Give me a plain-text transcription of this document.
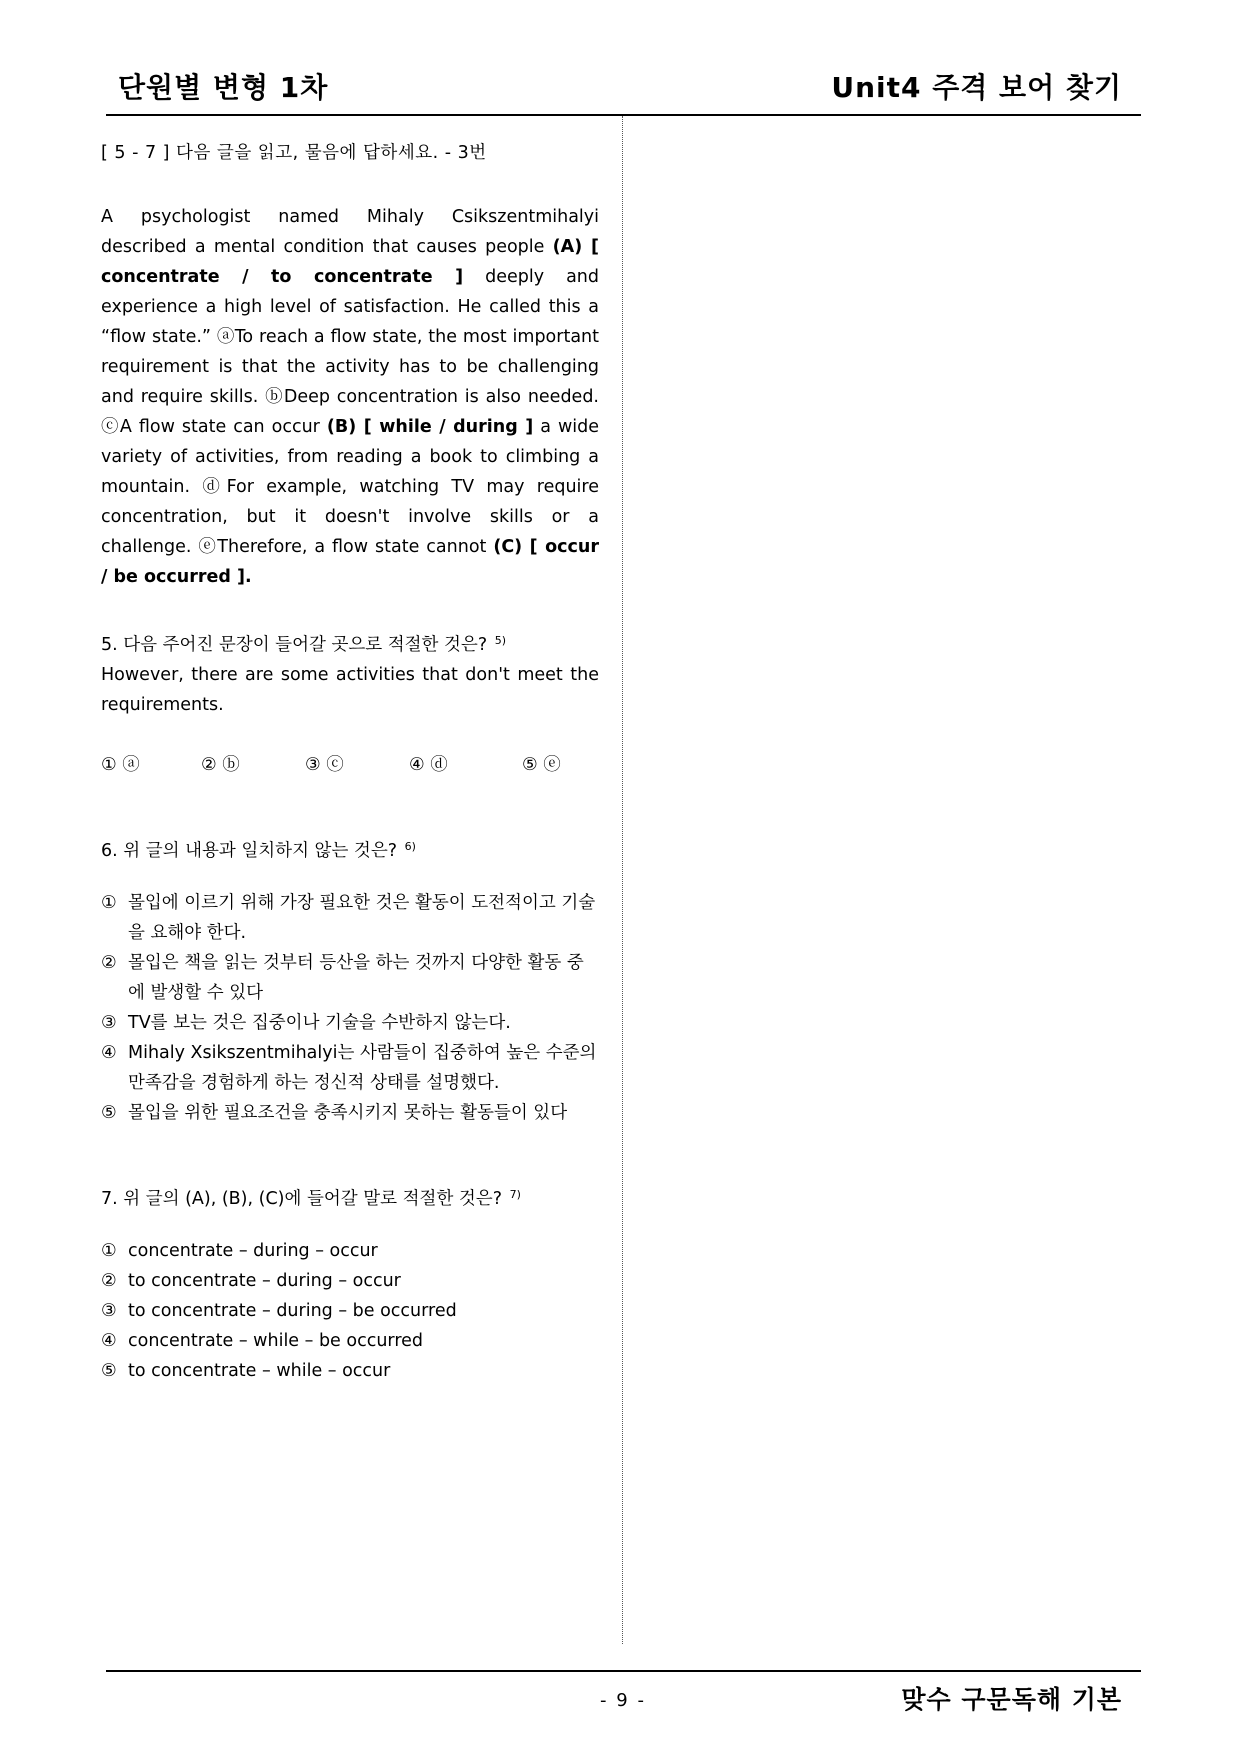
단원별 변형 1차	Unit4 주격 보어 찾기

[ 5 - 7 ] 다음 글을 읽고, 물음에 답하세요. - 3번

A psychologist named Mihaly Csikszentmihalyi described a mental condition that causes people (A) [ concentrate / to concentrate ] deeply and experience a high level of satisfaction. He called this a “flow state.” ⓐTo reach a flow state, the most important requirement is that the activity has to be challenging and require skills. ⓑDeep concentration is also needed. ⓒA flow state can occur (B) [ while / during ] a wide variety of activities, from reading a book to climbing a mountain. ⓓFor example, watching TV may require concentration, but it doesn't involve skills or a challenge. ⓔTherefore, a flow state cannot (C) [ occur / be occurred ].

5. 다음 주어진 문장이 들어갈 곳으로 적절한 것은? $^{5)}$

However, there are some activities that don't meet the requirements.

① ⓐ	② ⓑ	③ ⓒ	④ ⓓ	⑤ ⓔ
6. 위 글의 내용과 일치하지 않는 것은? $^{6)}$
① 몰입에 이르기 위해 가장 필요한 것은 활동이 도전적이고 기술을 요해야 한다.
② 몰입은 책을 읽는 것부터 등산을 하는 것까지 다양한 활동 중에 발생할 수 있다
③ TV를 보는 것은 집중이나 기술을 수반하지 않는다.
④ Mihaly Xsikszentmihalyi는 사람들이 집중하여 높은 수준의 만족감을 경험하게 하는 정신적 상태를 설명했다.
⑤ 몰입을 위한 필요조건을 충족시키지 못하는 활동들이 있다
7. 위 글의 (A), (B), (C)에 들어갈 말로 적절한 것은? $^{7)}$
① concentrate – during – occur
② to concentrate – during – occur
③ to concentrate – during – be occurred
④ concentrate – while – be occurred
⑤ to concentrate – while – occur
- 9 -	맞수 구문독해 기본
